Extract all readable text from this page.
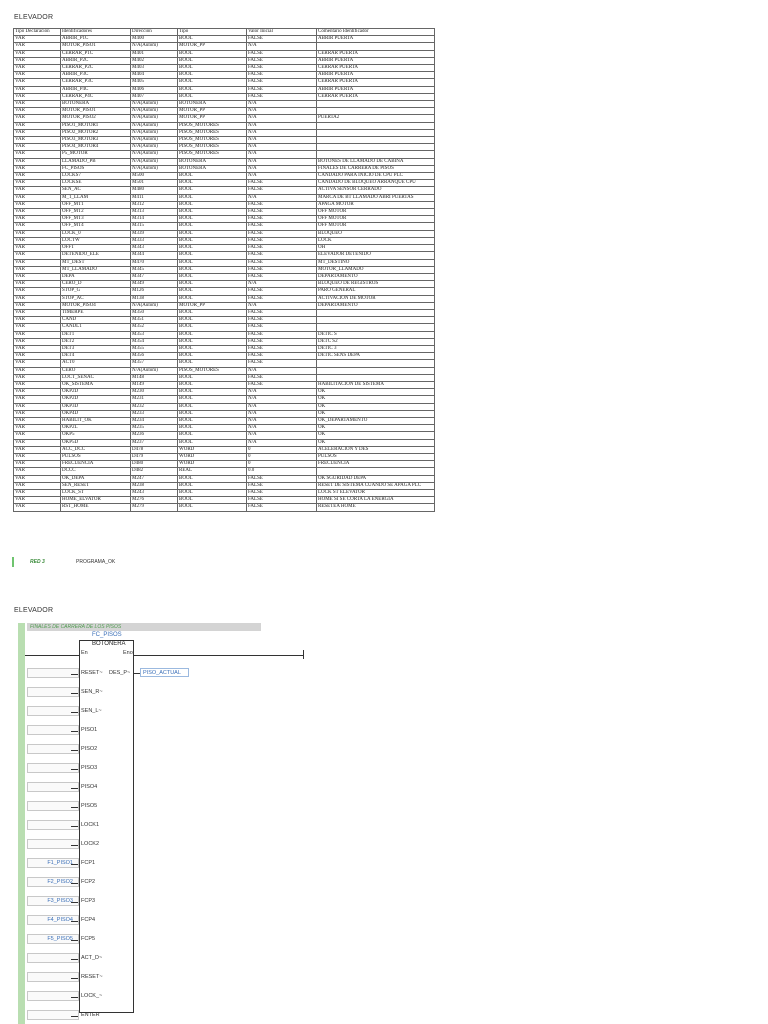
ELEVADOR
Tipo Declaración	Identificadores	Dirección	Tipo	Valor Inicial	Comentario Identificador
VAR	ABRIR_P1C	M400	BOOL	FALSE	ABRIR PUERTA
VAR	MOTOR_PISO1	N/A(Autom)	MOTOR_PP	N/A	
VAR	CERRAR_P1C	M401	BOOL	FALSE	CERRAR PUERTA
VAR	ABRIR_P2C	M402	BOOL	FALSE	ABRIR PUERTA
VAR	CERRAR_P2C	M403	BOOL	FALSE	CERRAR PUERTA
VAR	ABRIR_P3C	M404	BOOL	FALSE	ABRIR PUERTA
VAR	CERRAR_P3C	M405	BOOL	FALSE	CERRAR PUERTA
VAR	ABRIR_P4C	M406	BOOL	FALSE	ABRIR PUERTA
VAR	CERRAR_P4C	M407	BOOL	FALSE	CERRAR PUERTA
VAR	BOTONERA	N/A(Autom)	BOTONERA	N/A	
VAR	MOTOR_PISO1	N/A(Autom)	MOTOR_PP	N/A	
VAR	MOTOR_PISO2	N/A(Autom)	MOTOR_PP	N/A	PUERTA2
VAR	PISO1_MOTOR1	N/A(Autom)	PISOS_MOTORES	N/A	
VAR	PISO2_MOTOR2	N/A(Autom)	PISOS_MOTORES	N/A	
VAR	PISO3_MOTOR3	N/A(Autom)	PISOS_MOTORES	N/A	
VAR	PISO4_MOTOR4	N/A(Autom)	PISOS_MOTORES	N/A	
VAR	P5_MOTOR	N/A(Autom)	PISOS_MOTORES	N/A	
VAR	LLAMADO_PB	N/A(Autom)	BOTONERA	N/A	BOTONES DE LLAMADO DE CABINA
VAR	FC_PISOS	N/A(Autom)	BOTONERA	N/A	FINALES DE CARRERA DE PISOS
VAR	LOCKS7	M500	BOOL	N/A	CANDADO PARA INICIO DE CPU PLC
VAR	LOCKSE	M501	BOOL	FALSE	CANDADO DE BLOQUEO ARRANQUE CPU
VAR	SEN_AC	M480	BOOL	FALSE	ACTIVA SENSOR CERRADO
VAR	M_1_LLAM	M411	BOOL	N/A	MARCA DE BT LLAMADO ABRI PUERTAS
VAR	OFF_MT1	M312	BOOL	FALSE	APAGA MOTOR
VAR	OFF_MT2	M313	BOOL	FALSE	OFF MOTOR
VAR	OFF_MT3	M314	BOOL	FALSE	OFF MOTOR
VAR	OFF_MT4	M315	BOOL	FALSE	OFF MOTOR
VAR	LOCK_0	M339	BOOL	FALSE	BLOQUEO
VAR	LOCTW	M333	BOOL	FALSE	LOCK
VAR	OFFT	M343	BOOL	FALSE	OH
VAR	DETENIDO_ELE	M344	BOOL	FALSE	ELEVADOR DETENIDO
VAR	MT_DEST	M470	BOOL	FALSE	MT_DESTINO
VAR	MT_LLAMADO	M345	BOOL	FALSE	MOTOR_LLAMADO
VAR	DEPA	M347	BOOL	FALSE	DEPARTAMENTO
VAR	CERO_D	M349	BOOL	N/A	BLOQUEO DE REGISTROS
VAR	STOP_G	M126	BOOL	FALSE	PARO GENERAL
VAR	STOP_AC	M138	BOOL	FALSE	ACTIVACION DE MOTOR
VAR	MOTOR_PISO4	N/A(Autom)	MOTOR_PP	N/A	DEPARTAMENTO
VAR	TIMERPE	M350	BOOL	FALSE	
VAR	CAND	M351	BOOL	FALSE	
VAR	CANDL1	M352	BOOL	FALSE	
VAR	DET1	M353	BOOL	FALSE	DETIC S
VAR	DET2	M354	BOOL	FALSE	DETC S2
VAR	DET3	M355	BOOL	FALSE	DETIC 3
VAR	DET4	M356	BOOL	FALSE	DETIC SENS DEPA
VAR	ACT0	M357	BOOL	FALSE	
VAR	CERO	N/A(Autom)	PISOS_MOTORES	N/A	
VAR	LOCT_SENAC	M148	BOOL	FALSE	
VAR	OK_SISTEMA	M149	BOOL	FALSE	HABILITACION DE SISTEMA
VAR	OKP2D	M230	BOOL	N/A	OK
VAR	OKP2D	M231	BOOL	N/A	OK
VAR	OKP3D	M232	BOOL	N/A	OK
VAR	OKP4D	M233	BOOL	N/A	OK
VAR	HABILIT_OK	M234	BOOL	N/A	OK_DEPARTAMENTO
VAR	OKP2L	M235	BOOL	N/A	OK
VAR	OKP5	M236	BOOL	N/A	OK
VAR	OKP5D	M237	BOOL	N/A	OK
VAR	ACC_DCC	D478	WORD	0	ACELERACION Y DES
VAR	PULSOS	D479	WORD	0	PULSOS
VAR	FRECUENCIA	D480	WORD	0	FRECUENCIA
VAR	DCCC	D482	REAL	0.0	
VAR	OK_DEPA	M247	BOOL	FALSE	OK SGURIDAD DEPA
VAR	SEN_RESET	M238	BOOL	FALSE	RESET DE SISTEMA CUANDO SE APAGA PLC
VAR	LOCK_ST	M243	BOOL	FALSE	LOCK ST ELEVATOR
VAR	HOME_ELVATOR	M276	BOOL	FALSE	HOME SI SE CORTA LA ENERGIA
VAR	RST_HOME	M279	BOOL	FALSE	RESETEA HOME
RED 3	PROGRAMA_OK
ELEVADOR
FINALES DE CARRERA DE LOS PISOS
FC_PISOS
BOTONERA
En	Eno
DES_P~	PISO_ACTUAL
RESET~
SEN_R~
SEN_L~
PISO1
PISO2
PISO3
PISO4
PISO5
LOCK1
LOCK2
FCP1
F1_PISO1
FCP2
F2_PISO2
FCP3
F3_PISO3
FCP4
F4_PISO4
FCP5
F5_PISO5
ACT_D~
RESET~
LOCK_~
ENTER
